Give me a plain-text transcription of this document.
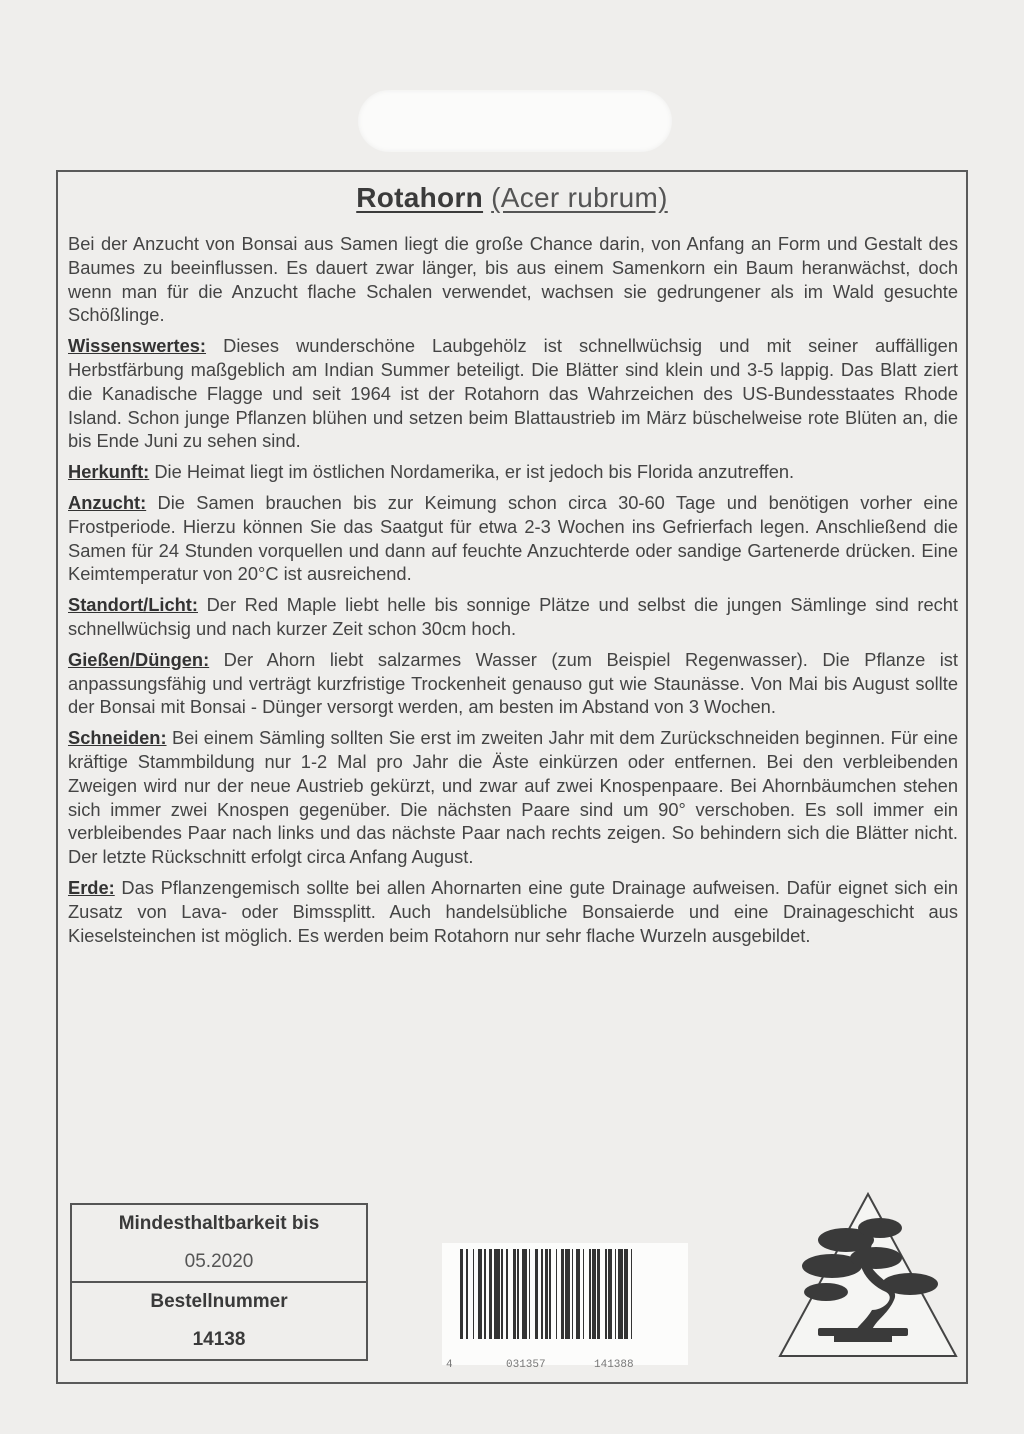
Rotahorn (Acer rubrum)

Bei der Anzucht von Bonsai aus Samen liegt die große Chance darin, von Anfang an Form und Gestalt des Baumes zu beeinflussen. Es dauert zwar länger, bis aus einem Samenkorn ein Baum heranwächst, doch wenn man für die Anzucht flache Schalen verwendet, wachsen sie gedrungener als im Wald gesuchte Schößlinge.

Wissenswertes: Dieses wunderschöne Laubgehölz ist schnellwüchsig und mit seiner auffälligen Herbstfärbung maßgeblich am Indian Summer beteiligt. Die Blätter sind klein und 3-5 lappig. Das Blatt ziert die Kanadische Flagge und seit 1964 ist der Rotahorn das Wahrzeichen des US-Bundesstaates Rhode Island. Schon junge Pflanzen blühen und setzen beim Blattaustrieb im März büschelweise rote Blüten an, die bis Ende Juni zu sehen sind.

Herkunft: Die Heimat liegt im östlichen Nordamerika, er ist jedoch bis Florida anzutreffen.

Anzucht: Die Samen brauchen bis zur Keimung schon circa 30-60 Tage und benötigen vorher eine Frostperiode. Hierzu können Sie das Saatgut für etwa 2-3 Wochen ins Gefrierfach legen. Anschließend die Samen für 24 Stunden vorquellen und dann auf feuchte Anzuchterde oder sandige Gartenerde drücken. Eine Keimtemperatur von 20°C ist ausreichend.

Standort/Licht: Der Red Maple liebt helle bis sonnige Plätze und selbst die jungen Sämlinge sind recht schnellwüchsig und nach kurzer Zeit schon 30cm hoch.

Gießen/Düngen: Der Ahorn liebt salzarmes Wasser (zum Beispiel Regenwasser). Die Pflanze ist anpassungsfähig und verträgt kurzfristige Trockenheit genauso gut wie Staunässe. Von Mai bis August sollte der Bonsai mit Bonsai - Dünger versorgt werden, am besten im Abstand von 3 Wochen.

Schneiden: Bei einem Sämling sollten Sie erst im zweiten Jahr mit dem Zurückschneiden beginnen. Für eine kräftige Stammbildung nur 1-2 Mal pro Jahr die Äste einkürzen oder entfernen. Bei den verbleibenden Zweigen wird nur der neue Austrieb gekürzt, und zwar auf zwei Knospenpaare. Bei Ahornbäumchen stehen sich immer zwei Knospen gegenüber. Die nächsten Paare sind um 90° verschoben. Es soll immer ein verbleibendes Paar nach links und das nächste Paar nach rechts zeigen. So behindern sich die Blätter nicht. Der letzte Rückschnitt erfolgt circa Anfang August.

Erde: Das Pflanzengemisch sollte bei allen Ahornarten eine gute Drainage aufweisen. Dafür eignet sich ein Zusatz von Lava- oder Bimssplitt. Auch handelsübliche Bonsaierde und eine Drainageschicht aus Kieselsteinchen ist möglich. Es werden beim Rotahorn nur sehr flache Wurzeln ausgebildet.

Mindesthaltbarkeit bis
05.2020
Bestellnummer
14138
4	031357	141388
